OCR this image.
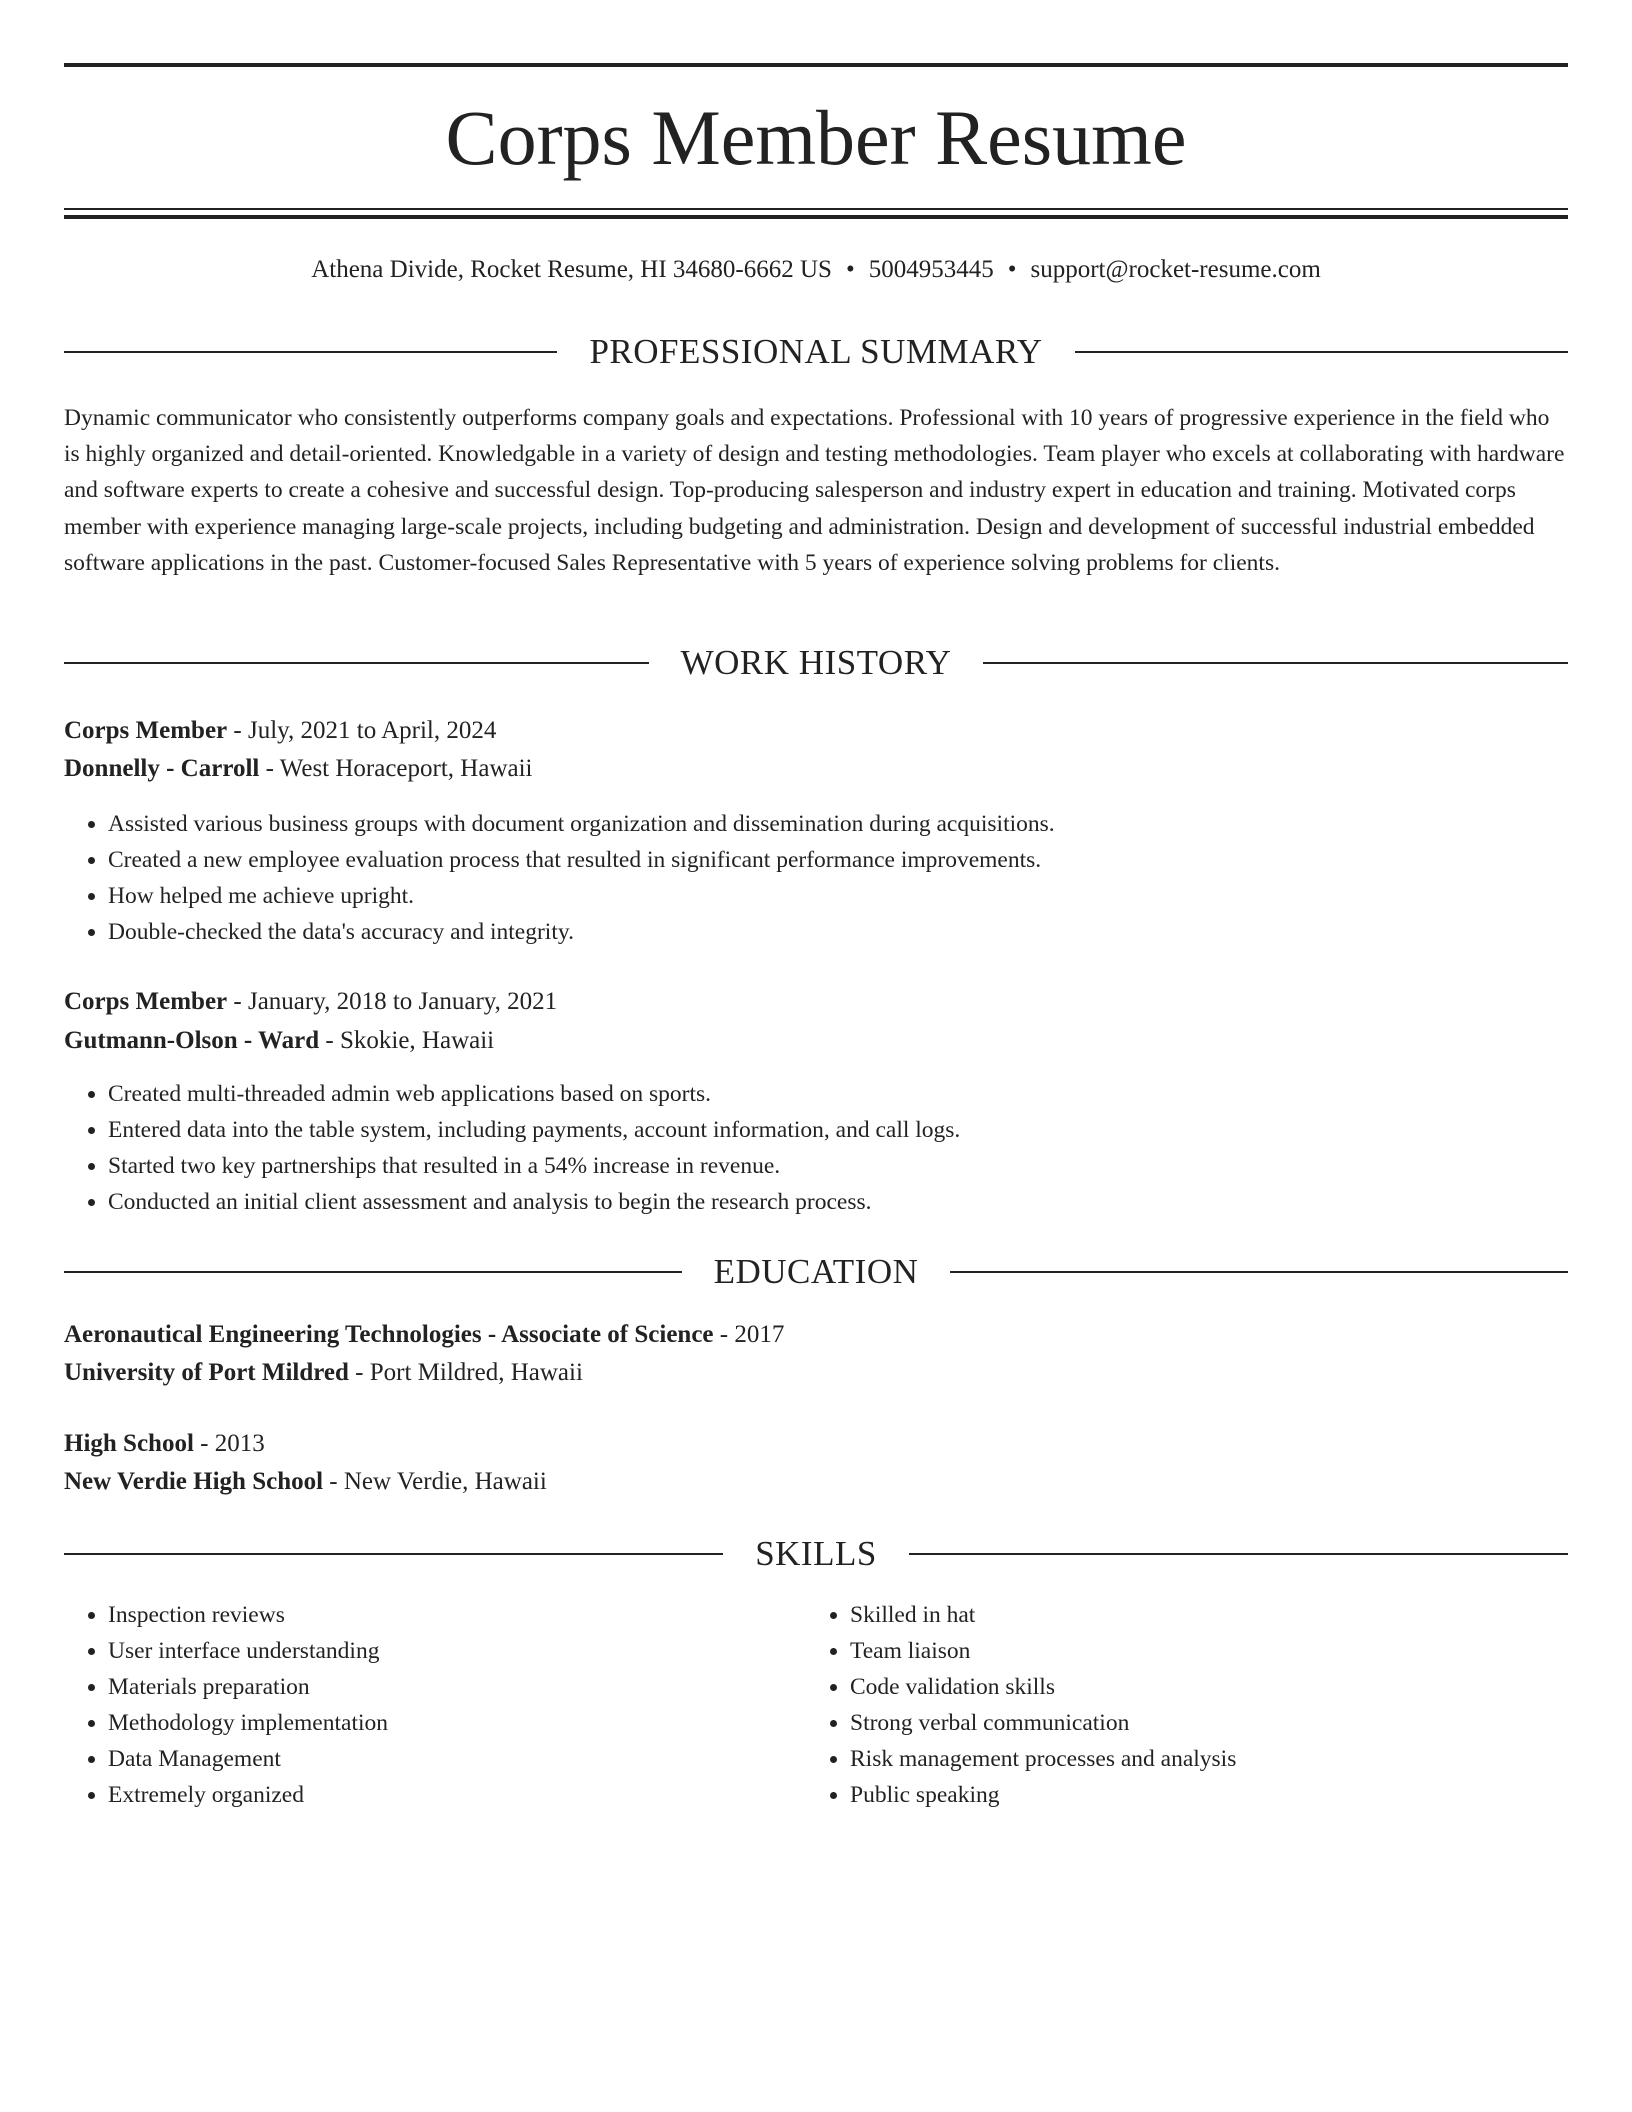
Corps Member Resume
Athena Divide, Rocket Resume, HI 34680-6662 US • 5004953445 • support@rocket-resume.com
PROFESSIONAL SUMMARY

Dynamic communicator who consistently outperforms company goals and expectations. Professional with 10 years of progressive experience in the field who is highly organized and detail-oriented. Knowledgable in a variety of design and testing methodologies. Team player who excels at collaborating with hardware and software experts to create a cohesive and successful design. Top-producing salesperson and industry expert in education and training. Motivated corps member with experience managing large-scale projects, including budgeting and administration. Design and development of successful industrial embedded software applications in the past. Customer-focused Sales Representative with 5 years of experience solving problems for clients.

WORK HISTORY
Corps Member - July, 2021 to April, 2024
Donnelly - Carroll - West Horaceport, Hawaii
• Assisted various business groups with document organization and dissemination during acquisitions.
• Created a new employee evaluation process that resulted in significant performance improvements.
• How helped me achieve upright.
• Double-checked the data's accuracy and integrity.
Corps Member - January, 2018 to January, 2021
Gutmann-Olson - Ward - Skokie, Hawaii
• Created multi-threaded admin web applications based on sports.
• Entered data into the table system, including payments, account information, and call logs.
• Started two key partnerships that resulted in a 54% increase in revenue.
• Conducted an initial client assessment and analysis to begin the research process.
EDUCATION
Aeronautical Engineering Technologies - Associate of Science - 2017
University of Port Mildred - Port Mildred, Hawaii
High School - 2013
New Verdie High School - New Verdie, Hawaii
SKILLS
• Inspection reviews
• User interface understanding
• Materials preparation
• Methodology implementation
• Data Management
• Extremely organized
• Skilled in hat
• Team liaison
• Code validation skills
• Strong verbal communication
• Risk management processes and analysis
• Public speaking
